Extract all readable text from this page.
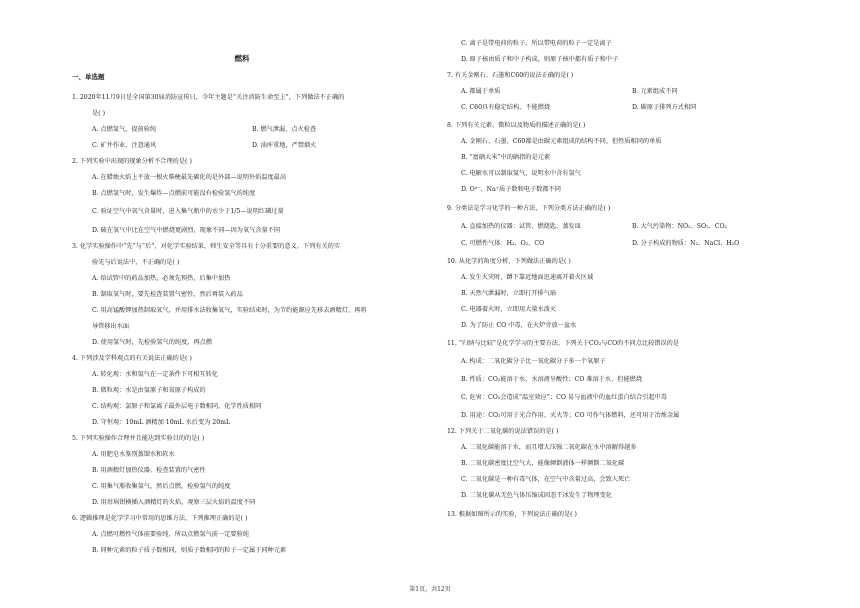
燃料
一、单选题
1. 2020年11月9日是全国第30届消防宣传日，今年主题是“关注消防生命至上”，下列做法不正确的
是( )
A. 点燃氢气，提前验纯	B. 燃气泄漏，点火检查
C. 矿井作业，注意通风	D. 油库重地，严禁烟火
2. 下列实验中出现的现象分析不合理的是( )
A. 在蜡烛火焰上平放一根火柴梗最先碳化的是外部—说明外焰温度最高
B. 点燃氢气时，发生爆炸—点燃前可能没有检验氢气的纯度
C. 验证空气中氧气含量时，进入集气瓶中的水少于1/5—说明红磷过量
D. 硫在氧气中比在空气中燃烧更剧烈，现象不同—因为氧气含量不同
3. 化学实验操作中“先”与“后”，对化学实验结果、师生安全等具有十分重要的意义。下列有关的实
验先与后说法中，不正确的是( )
A. 给试管中的药品加热，必须先预热，后集中加热
B. 制取氧气时，要先检查装置气密性，然后再装入药品
C. 用高锰酸钾加热制取氧气，并用排水法收集氧气，实验结束时，为节约能源应先移去酒精灯，再将
导管移出水面
D. 使用氢气时，先检验氢气的纯度，再点燃
4. 下列涉及学科观点的有关说法正确的是( )
A. 转化观：水和氢气在一定条件下可相互转化
B. 微粒观：水是由氢原子和氧原子构成的
C. 结构观：氯原子和氯离子最外层电子数相同，化学性质相同
D. 守恒观：10mL 酒精加 10mL 水后变为 20mL
5. 下列实验操作合理并且能达到实验目的的是( )
A. 用肥皂水鉴别蒸馏水和软水
B. 用酒精灯加热仪器，检查装置的气密性
C. 用集气瓶收集氢气，然后点燃，检验氢气的纯度
D. 用坩埚钳横插入酒精灯的火焰，观察三层火焰的温度不同
6. 逻辑推理是化学学习中常用的思维方法，下列推理正确的是( )
A. 点燃可燃性气体前要验纯，所以点燃氢气前一定要验纯
B. 同种元素的粒子质子数相同，则质子数相同的粒子一定属于同种元素
C. 离子是带电荷的粒子，所以带电荷的粒子一定是离子
D. 原子核由质子和中子构成，则原子核中都有质子和中子
7. 有关金刚石、石墨和C60的说法正确的是( )
A. 都属于单质	B. 元素组成不同
C. C60具有稳定结构，不能燃烧	D. 碳原子排列方式相同
8. 下列有关元素、微粒以及物质的描述正确的是( )
A. 金刚石、石墨、C60都是由碳元素组成的结构不同、但性质相同的单质
B. “富硒大米”中的硒指的是元素
C. 电解水可以制取氢气，说明水中含有氢气
D. O²⁻、Na⁺质子数和电子数都不同
9. 分类法是学习化学的一种方法，下列分类方法正确的是( )
A. 直接加热的仪器：试管、燃烧匙、蒸发皿	B. 大气污染物：NO₂、SO₂、CO₂
C. 可燃性气体：H₂、O₂、CO	D. 分子构成的物质：N₂、NaCl、H₂O
10. 从化学的角度分析，下列做法正确的是( )
A. 发生火灾时，蹲下靠近地面迅速离开着火区域
B. 天然气泄漏时，立即打开排气扇
C. 电器着火时，立即用大量水泼灭
D. 为了防止 CO 中毒，在火炉旁放一盆水
11. “归纳与比较”是化学学习的主要方法，下列关于CO₂与CO的不同点比较错误的是
A. 构成：二氧化碳分子比一氧化碳分子多一个氧原子
B. 性质：CO₂能溶于水，水溶液呈酸性；CO 难溶于水，但能燃烧
C. 危害：CO₂会造成“温室效应”；CO 易与血液中的血红蛋白结合引起中毒
D. 用途：CO₂可用于光合作用、灭火等；CO 可作气体燃料，还可用于冶炼金属
12. 下列关于二氧化碳的说法错误的是( )
A. 二氧化碳能溶于水，而且增大压强二氧化碳在水中溶解得越多
B. 二氧化碳密度比空气大，能像倾倒液体一样倾倒二氧化碳
C. 二氧化碳是一种有毒气体，在空气中含量过高，会致人死亡
D. 二氧化碳从无色气体压缩成固态干冰发生了物理变化
13. 根据如图所示的实验，下列说法正确的是( )
第1页，共12页
